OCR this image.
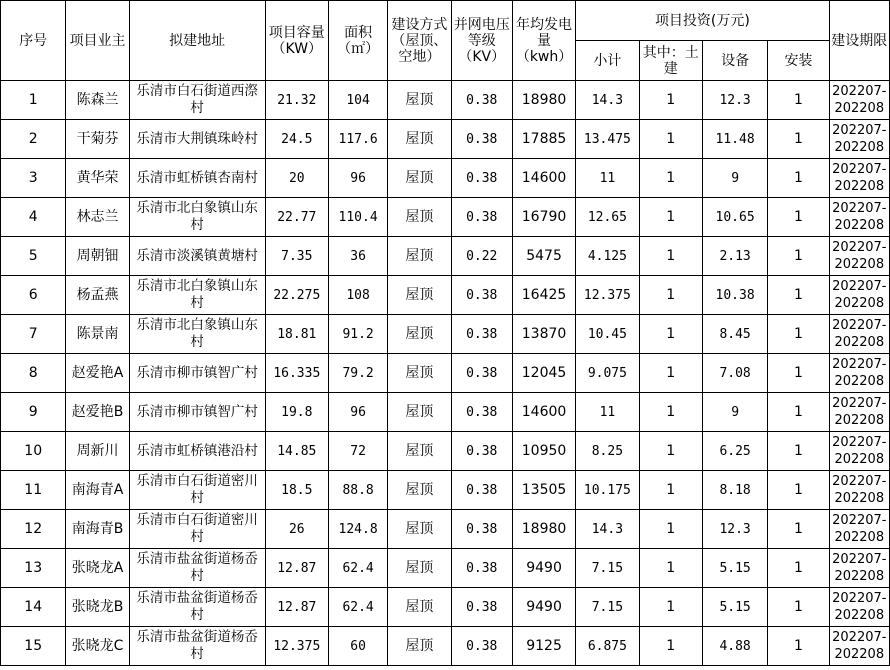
序号	项目业主	拟建地址	项目容量（KW）	面积（㎡）	建设方式（屋顶、空地）	并网电压等级（KV）	年均发电量（kwh）	项目投资(万元)				建设期限
								小计	其中：土建	设备	安装	
1	陈森兰	乐清市白石街道西漈村	21.32	104	屋顶	0.38	18980	14.3	1	12.3	1	202207-202208
2	干菊芬	乐清市大荆镇珠岭村	24.5	117.6	屋顶	0.38	17885	13.475	1	11.48	1	202207-202208
3	黄华荣	乐清市虹桥镇杏南村	20	96	屋顶	0.38	14600	11	1	9	1	202207-202208
4	林志兰	乐清市北白象镇山东村	22.77	110.4	屋顶	0.38	16790	12.65	1	10.65	1	202207-202208
5	周朝钿	乐清市淡溪镇黄塘村	7.35	36	屋顶	0.22	5475	4.125	1	2.13	1	202207-202208
6	杨孟燕	乐清市北白象镇山东村	22.275	108	屋顶	0.38	16425	12.375	1	10.38	1	202207-202208
7	陈景南	乐清市北白象镇山东村	18.81	91.2	屋顶	0.38	13870	10.45	1	8.45	1	202207-202208
8	赵爱艳A	乐清市柳市镇智广村	16.335	79.2	屋顶	0.38	12045	9.075	1	7.08	1	202207-202208
9	赵爱艳B	乐清市柳市镇智广村	19.8	96	屋顶	0.38	14600	11	1	9	1	202207-202208
10	周新川	乐清市虹桥镇港沿村	14.85	72	屋顶	0.38	10950	8.25	1	6.25	1	202207-202208
11	南海青A	乐清市白石街道密川村	18.5	88.8	屋顶	0.38	13505	10.175	1	8.18	1	202207-202208
12	南海青B	乐清市白石街道密川村	26	124.8	屋顶	0.38	18980	14.3	1	12.3	1	202207-202208
13	张晓龙A	乐清市盐盆街道杨岙村	12.87	62.4	屋顶	0.38	9490	7.15	1	5.15	1	202207-202208
14	张晓龙B	乐清市盐盆街道杨岙村	12.87	62.4	屋顶	0.38	9490	7.15	1	5.15	1	202207-202208
15	张晓龙C	乐清市盐盆街道杨岙村	12.375	60	屋顶	0.38	9125	6.875	1	4.88	1	202207-202208
